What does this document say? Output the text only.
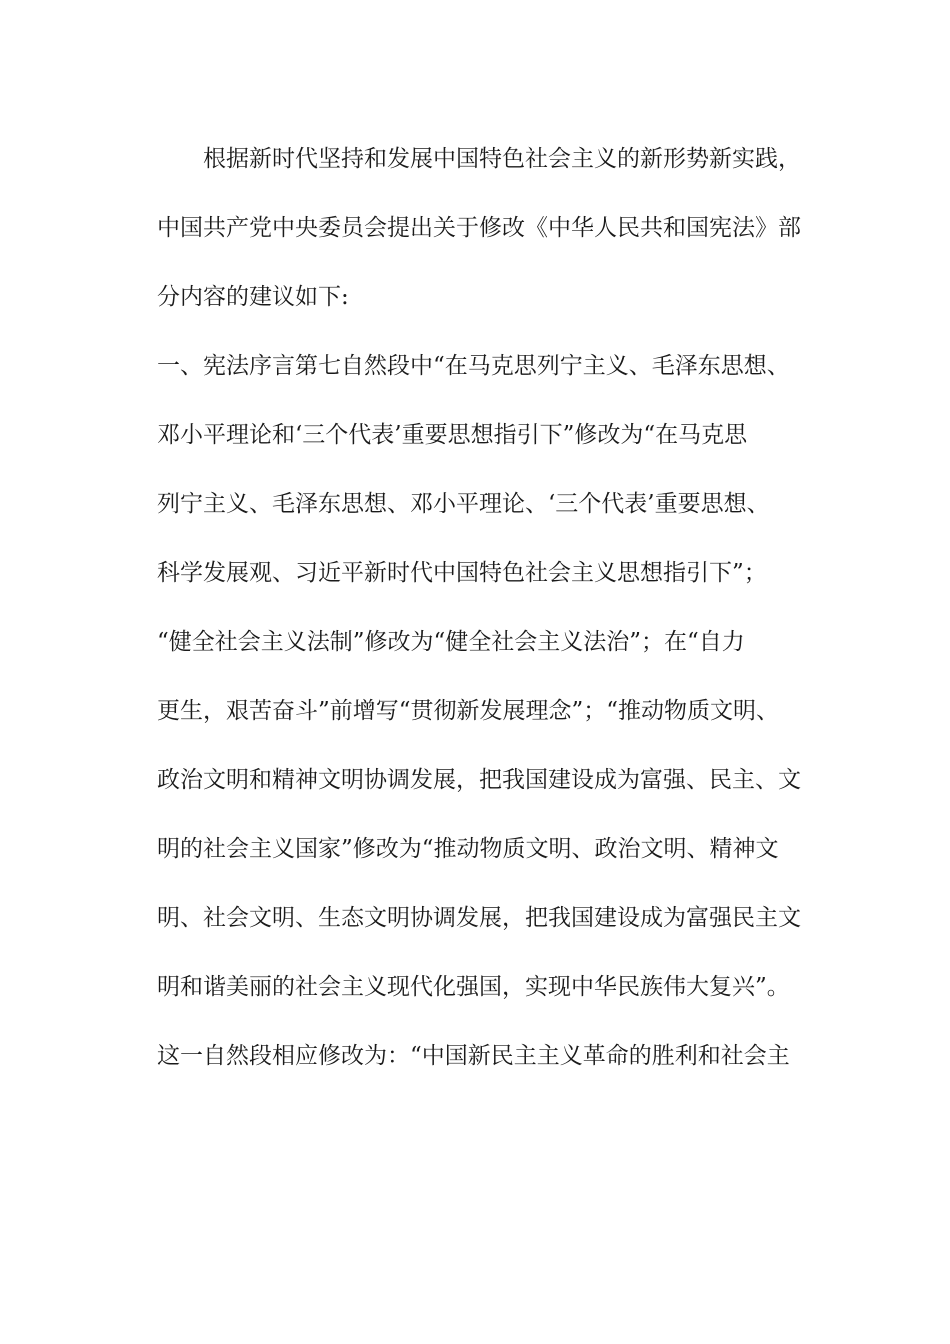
根据新时代坚持和发展中国特色社会主义的新形势新实践，
中国共产党中央委员会提出关于修改《中华人民共和国宪法》部
分内容的建议如下:
一、宪法序言第七自然段中“在马克思列宁主义、毛泽东思想、
邓小平理论和‘三个代表’重要思想指引下”修改为“在马克思
列宁主义、毛泽东思想、邓小平理论、‘三个代表’重要思想、
科学发展观、习近平新时代中国特色社会主义思想指引下”；
“健全社会主义法制”修改为“健全社会主义法治”；在“自力
更生，艰苦奋斗”前增写“贯彻新发展理念”；“推动物质文明、
政治文明和精神文明协调发展，把我国建设成为富强、民主、文
明的社会主义国家”修改为“推动物质文明、政治文明、精神文
明、社会文明、生态文明协调发展，把我国建设成为富强民主文
明和谐美丽的社会主义现代化强国，实现中华民族伟大复兴”。
这一自然段相应修改为：“中国新民主主义革命的胜利和社会主
